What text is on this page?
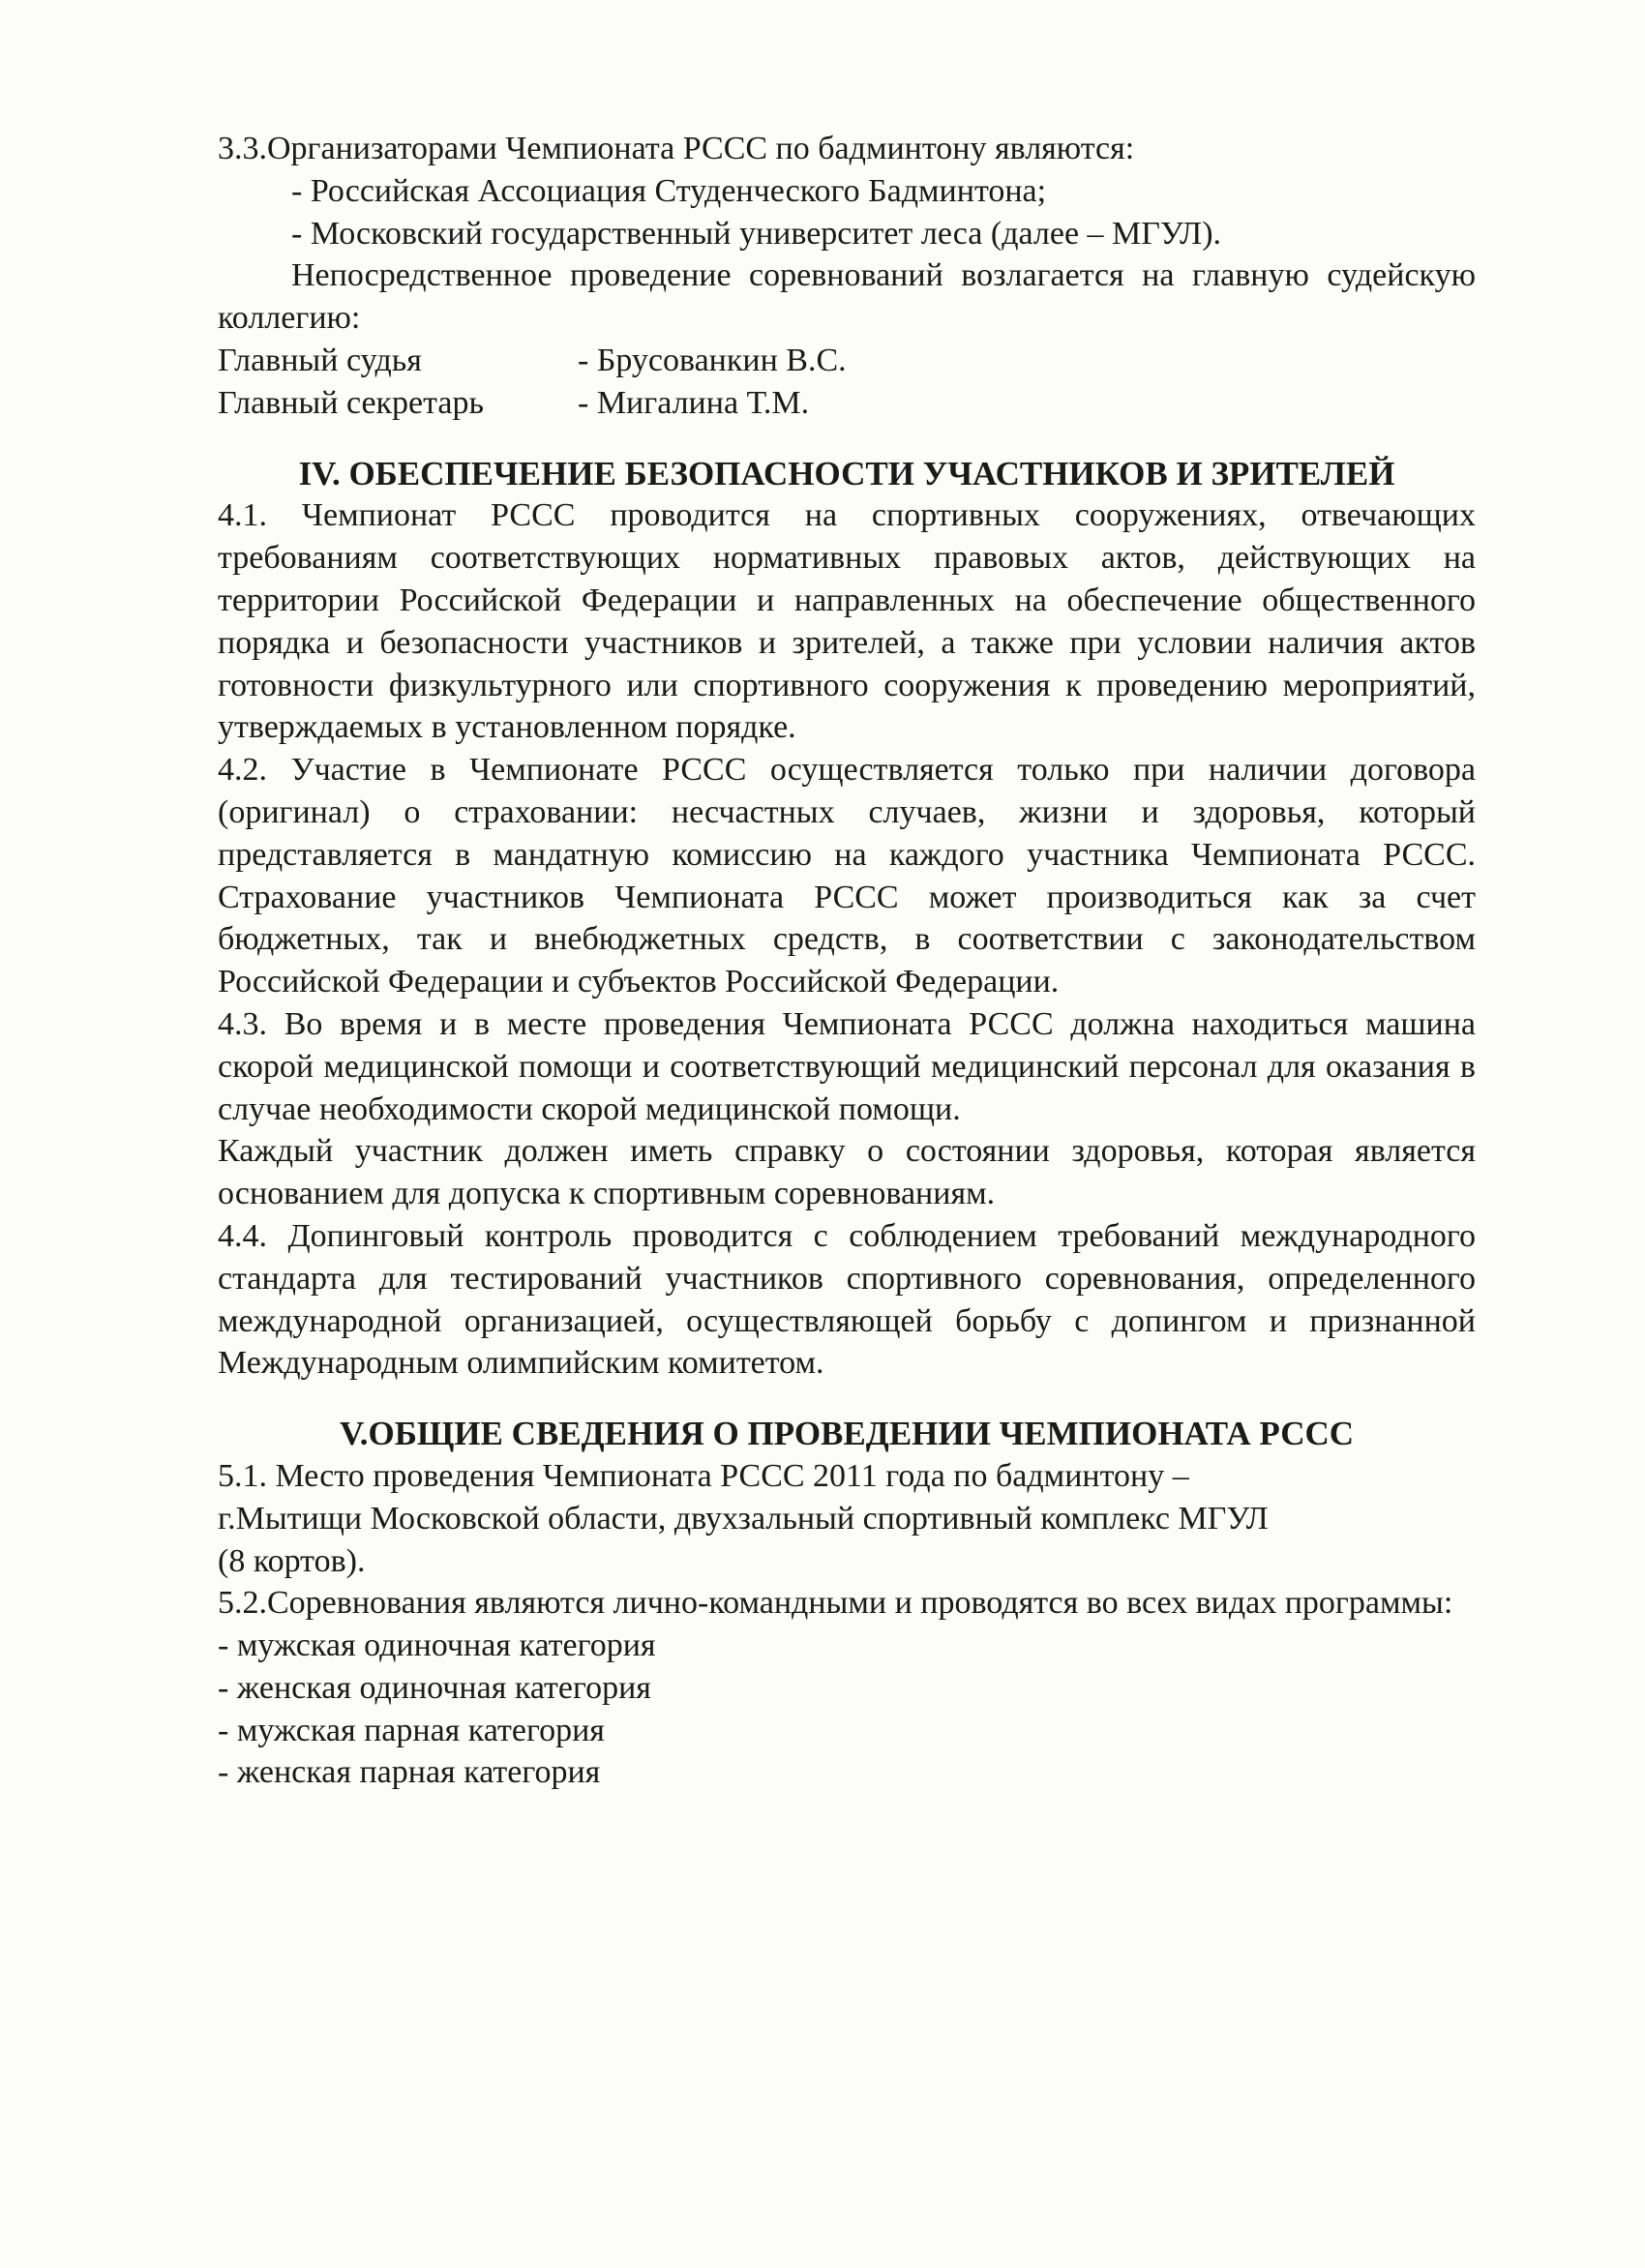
3.3.Организаторами Чемпионата РССС по бадминтону являются:

- Российская Ассоциация Студенческого Бадминтона;

- Московский государственный университет леса (далее – МГУЛ).

Непосредственное проведение соревнований возлагается на главную судейскую коллегию:

Главный судья	- Брусованкин В.С.
Главный секретарь	- Мигалина Т.М.

IV. ОБЕСПЕЧЕНИЕ БЕЗОПАСНОСТИ УЧАСТНИКОВ И ЗРИТЕЛЕЙ

4.1. Чемпионат РССС проводится на спортивных сооружениях, отвечающих требованиям соответствующих нормативных правовых актов, действующих на территории Российской Федерации и направленных на обеспечение общественного порядка и безопасности участников и зрителей, а также при условии наличия актов готовности физкультурного или спортивного сооружения к проведению мероприятий, утверждаемых в установленном порядке.

4.2. Участие в Чемпионате РССС осуществляется только при наличии договора (оригинал) о страховании: несчастных случаев, жизни и здоровья, который представляется в мандатную комиссию на каждого участника Чемпионата РССС. Страхование участников Чемпионата РССС может производиться как за счет бюджетных, так и внебюджетных средств, в соответствии с законодательством Российской Федерации и субъектов Российской Федерации.

4.3. Во время и в месте проведения Чемпионата РССС должна находиться машина скорой медицинской помощи и соответствующий медицинский персонал для оказания в случае необходимости скорой медицинской помощи.

Каждый участник должен иметь справку о состоянии здоровья, которая является основанием для допуска к спортивным соревнованиям.

4.4. Допинговый контроль проводится с соблюдением требований международного стандарта для тестирований участников спортивного соревнования, определенного международной организацией, осуществляющей борьбу с допингом и признанной Международным олимпийским комитетом.

V.ОБЩИЕ СВЕДЕНИЯ О ПРОВЕДЕНИИ ЧЕМПИОНАТА РССС

5.1. Место проведения Чемпионата РССС 2011 года по бадминтону –

г.Мытищи Московской области, двухзальный спортивный комплекс МГУЛ

(8 кортов).

5.2.Соревнования являются лично-командными и проводятся во всех видах программы:

- мужская одиночная категория

- женская одиночная категория

- мужская парная категория

- женская парная категория
